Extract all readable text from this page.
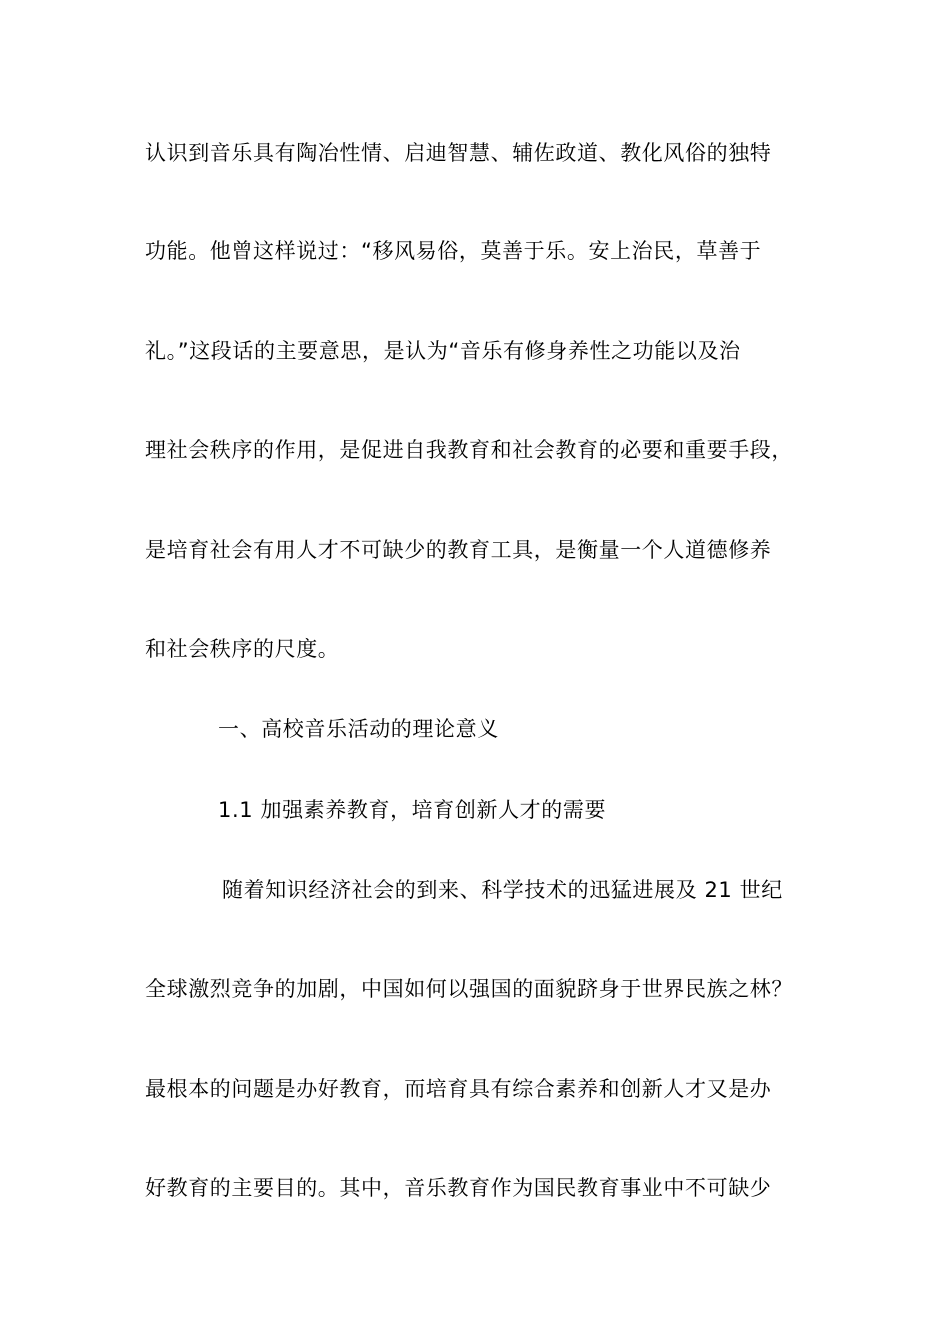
认识到音乐具有陶冶性情、启迪智慧、辅佐政道、教化风俗的独特
功能。他曾这样说过：“移风易俗，莫善于乐。安上治民，草善于
礼。”这段话的主要意思，是认为“音乐有修身养性之功能以及治
理社会秩序的作用，是促进自我教育和社会教育的必要和重要手段，
是培育社会有用人才不可缺少的教育工具，是衡量一个人道德修养
和社会秩序的尺度。
一、高校音乐活动的理论意义
1.1 加强素养教育，培育创新人才的需要
随着知识经济社会的到来、科学技术的迅猛进展及 21 世纪
全球激烈竞争的加剧，中国如何以强国的面貌跻身于世界民族之林？
最根本的问题是办好教育，而培育具有综合素养和创新人才又是办
好教育的主要目的。其中，音乐教育作为国民教育事业中不可缺少
